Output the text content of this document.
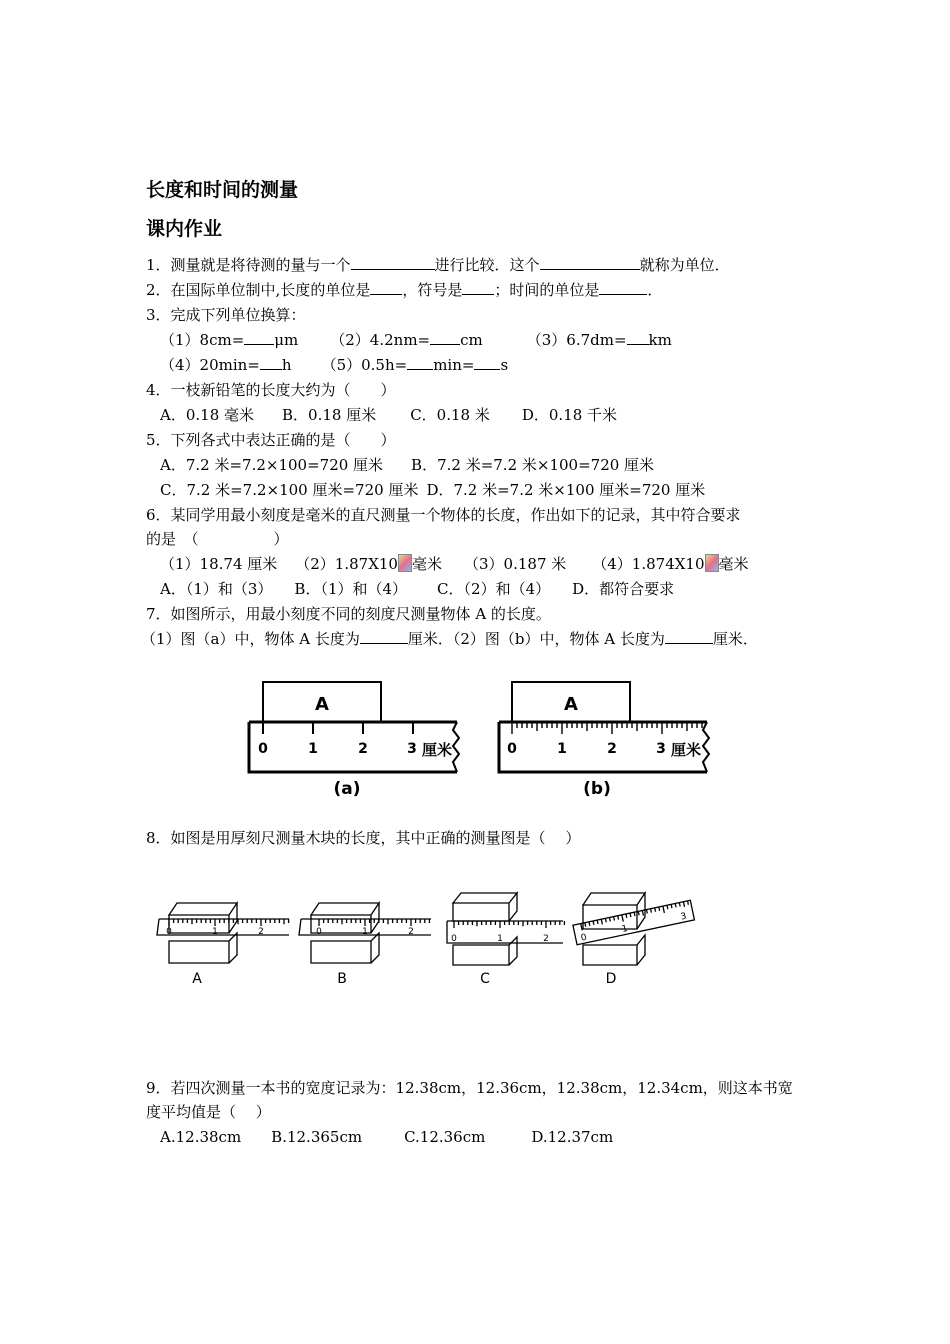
长度和时间的测量
课内作业
1．测量就是将待测的量与一个	进行比较．这个	就称为单位．
2．在国际单位制中,长度的单位是 ，符号是 ；时间的单位是	．
3．完成下列单位换算：
（1）8cm= μm （2）4.2nm= cm	（3）6.7dm= km
（4）20min= h （5）0.5h= min= s
4．一枝新铅笔的长度大约为（　　）
A．0.18 毫米 B．0.18 厘米 C．0.18 米 D．0.18 千米
5．下列各式中表达正确的是（　　）
A．7.2 米=7.2×100=720 厘米 B．7.2 米=7.2 米×100=720 厘米
C．7.2 米=7.2×100 厘米=720 厘米 D．7.2 米=7.2 米×100 厘米=720 厘米
6．某同学用最小刻度是毫米的直尺测量一个物体的长度，作出如下的记录，其中符合要求
的是　（　　　　　）
（1）18.74 厘米 （2）1.87X10 毫米 （3）0.187 米 （4）1.874X10 毫米
A．（1）和（3） B．（1）和（4） C．（2）和（4） D．都符合要求
7．如图所示，用最小刻度不同的刻度尺测量物体 A 的长度。
（1）图（a）中，物体 A 长度为	厘米．（2）图（b）中，物体 A 长度为	厘米．
A
0	1	2	3 厘米
(a)
A
0	1	2	3 厘米
(b)
8．如图是用厚刻尺测量木块的长度，其中正确的测量图是（　 ）
0	1	2
A
0	1	2
B
0	1	2
C
0
1
3
D
9．若四次测量一本书的宽度记录为：12.38cm，12.36cm，12.38cm，12.34cm，则这本书宽
度平均值是（　 ）
A.12.38cm B.12.365cm	C.12.36cm	D.12.37cm
